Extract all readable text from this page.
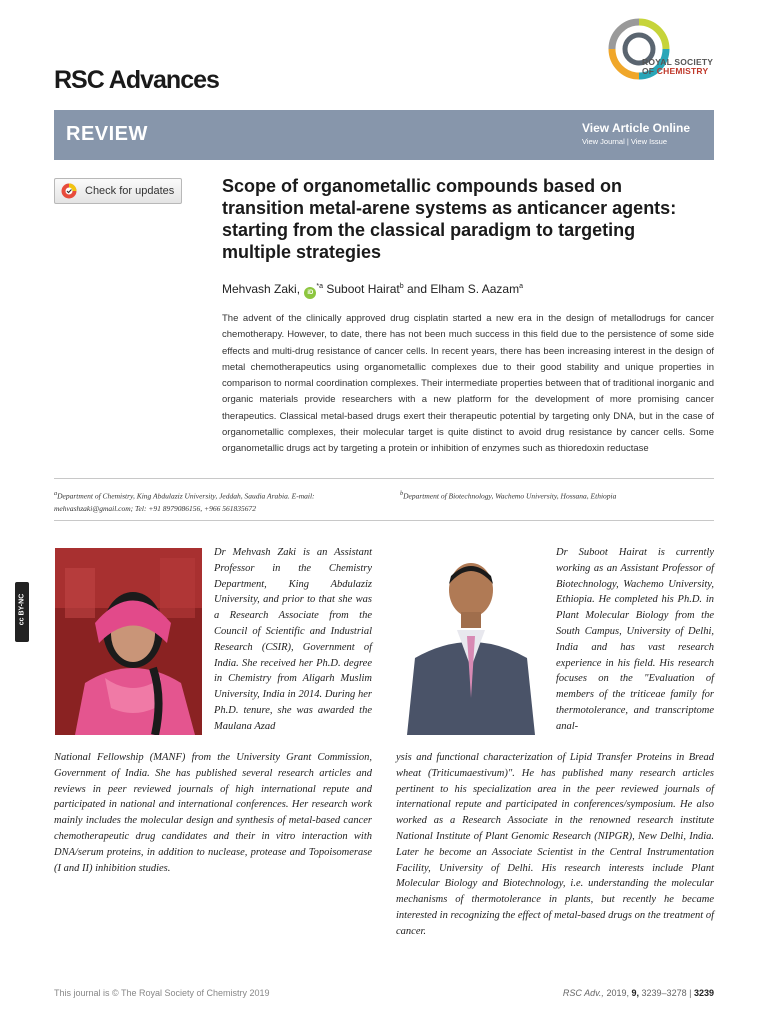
RSC Advances
ROYAL SOCIETY
OF CHEMISTRY
REVIEW	View Article Online
View Journal | View Issue
Check for updates	Scope of organometallic compounds based on transition metal-arene systems as anticancer agents: starting from the classical paradigm to targeting multiple strategies
Mehvash Zaki, $iD^{*a}$ Suboot Hairat$^b$ and Elham S. Aazam$^a$
The advent of the clinically approved drug cisplatin started a new era in the design of metallodrugs for cancer chemotherapy. However, to date, there has not been much success in this field due to the persistence of some side effects and multi-drug resistance of cancer cells. In recent years, there has been increasing interest in the design of metal chemotherapeutics using organometallic complexes due to their good stability and unique properties in comparison to normal coordination complexes. Their intermediate properties between that of traditional inorganic and organic materials provide researchers with a new platform for the development of more promising cancer therapeutics. Classical metal-based drugs exert their therapeutic potential by targeting only DNA, but in the case of organometallic complexes, their molecular target is quite distinct to avoid drug resistance by cancer cells. Some organometallic drugs act by targeting a protein or inhibition of enzymes such as thioredoxin reductase
$^a$Department of Chemistry, King Abdulaziz University, Jeddah, Saudia Arabia. E-mail: mehvashzaki@gmail.com; Tel: +91 8979086156, +966 561835672
$^b$Department of Biotechnology, Wachemo University, Hossana, Ethiopia
cc BY-NC
Dr Mehvash Zaki is an Assistant Professor in the Chemistry Department, King Abdulaziz University, and prior to that she was a Research Associate from the Council of Scientific and Industrial Research (CSIR), Government of India. She received her Ph.D. degree in Chemistry from Aligarh Muslim University, India in 2014. During her Ph.D. tenure, she was awarded the Maulana Azad
National Fellowship (MANF) from the University Grant Commission, Government of India. She has published several research articles and reviews in peer reviewed journals of high international repute and participated in national and international conferences. Her research work mainly includes the molecular design and synthesis of metal-based cancer chemotherapeutic drug candidates and their in vitro interaction with DNA/serum proteins, in addition to nuclease, protease and Topoisomerase (I and II) inhibition studies.
Dr Suboot Hairat is currently working as an Assistant Professor of Biotechnology, Wachemo University, Ethiopia. He completed his Ph.D. in Plant Molecular Biology from the South Campus, University of Delhi, India and has vast research experience in his field. His research focuses on the "Evaluation of members of the triticeae family for thermotolerance, and transcriptome anal-
ysis and functional characterization of Lipid Transfer Proteins in Bread wheat (Triticumaestivum)". He has published many research articles pertinent to his specialization area in the peer reviewed journals of international repute and participated in conferences/symposium. He also worked as a Research Associate in the renowned research institute National Institute of Plant Genomic Research (NIPGR), New Delhi, India. Later he become an Associate Scientist in the Central Instrumentation Facility, University of Delhi. His research interests include Plant Molecular Biology and Biotechnology, i.e. understanding the molecular mechanisms of thermotolerance in plants, but recently he became interested in recognizing the effect of metal-based drugs on the treatment of cancer.
This journal is © The Royal Society of Chemistry 2019	RSC Adv., 2019, 9, 3239–3278 | 3239
